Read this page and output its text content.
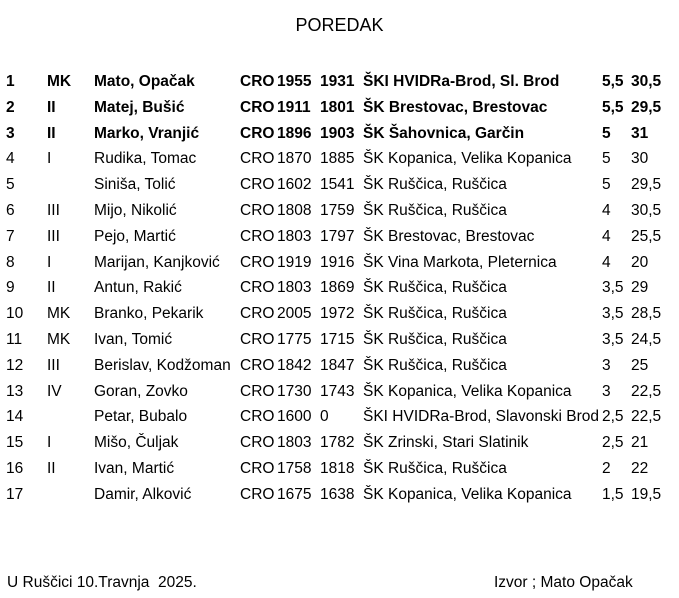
POREDAK
1 MK Mato, Opačak	CRO 1955 1931 ŠKI HVIDRa-Brod, Sl. Brod	5,5 30,5
2 II Matej, Bušić	CRO 1911 1801 ŠK Brestovac, Brestovac	5,5 29,5
3 II Marko, Vranjić	CRO 1896 1903 ŠK Šahovnica, Garčin	5 31
4 I	Rudika, Tomac	CRO 1870 1885 ŠK Kopanica, Velika Kopanica 5 30
5	Siniša, Tolić	CRO 1602 1541 ŠK Ruščica, Ruščica	5 29,5
6 III Mijo, Nikolić	CRO 1808 1759 ŠK Ruščica, Ruščica	4 30,5
7 III Pejo, Martić	CRO 1803 1797 ŠK Brestovac, Brestovac	4 25,5
8 I	Marijan, Kanjković CRO 1919 1916 ŠK Vina Markota, Pleternica	4 20
9 II Antun, Rakić	CRO 1803 1869 ŠK Ruščica, Ruščica	3,5 29
10 MK Branko, Pekarik CRO 2005 1972 ŠK Ruščica, Ruščica	3,5 28,5
11 MK Ivan, Tomić	CRO 1775 1715 ŠK Ruščica, Ruščica	3,5 24,5
12 III Berislav, Kodžoman CRO 1842 1847 ŠK Ruščica, Ruščica	3 25
13 IV Goran, Zovko	CRO 1730 1743 ŠK Kopanica, Velika Kopanica 3 22,5
14	Petar, Bubalo	CRO 1600 0 ŠKI HVIDRa-Brod, Slavonski Brod 2,5 22,5
15 I	Mišo, Čuljak	CRO 1803 1782 ŠK Zrinski, Stari Slatinik	2,5 21
16 II Ivan, Martić	CRO 1758 1818 ŠK Ruščica, Ruščica	2 22
17	Damir, Alković	CRO 1675 1638 ŠK Kopanica, Velika Kopanica 1,5 19,5
U Ruščici 10.Travnja  2025.	Izvor ; Mato Opačak
